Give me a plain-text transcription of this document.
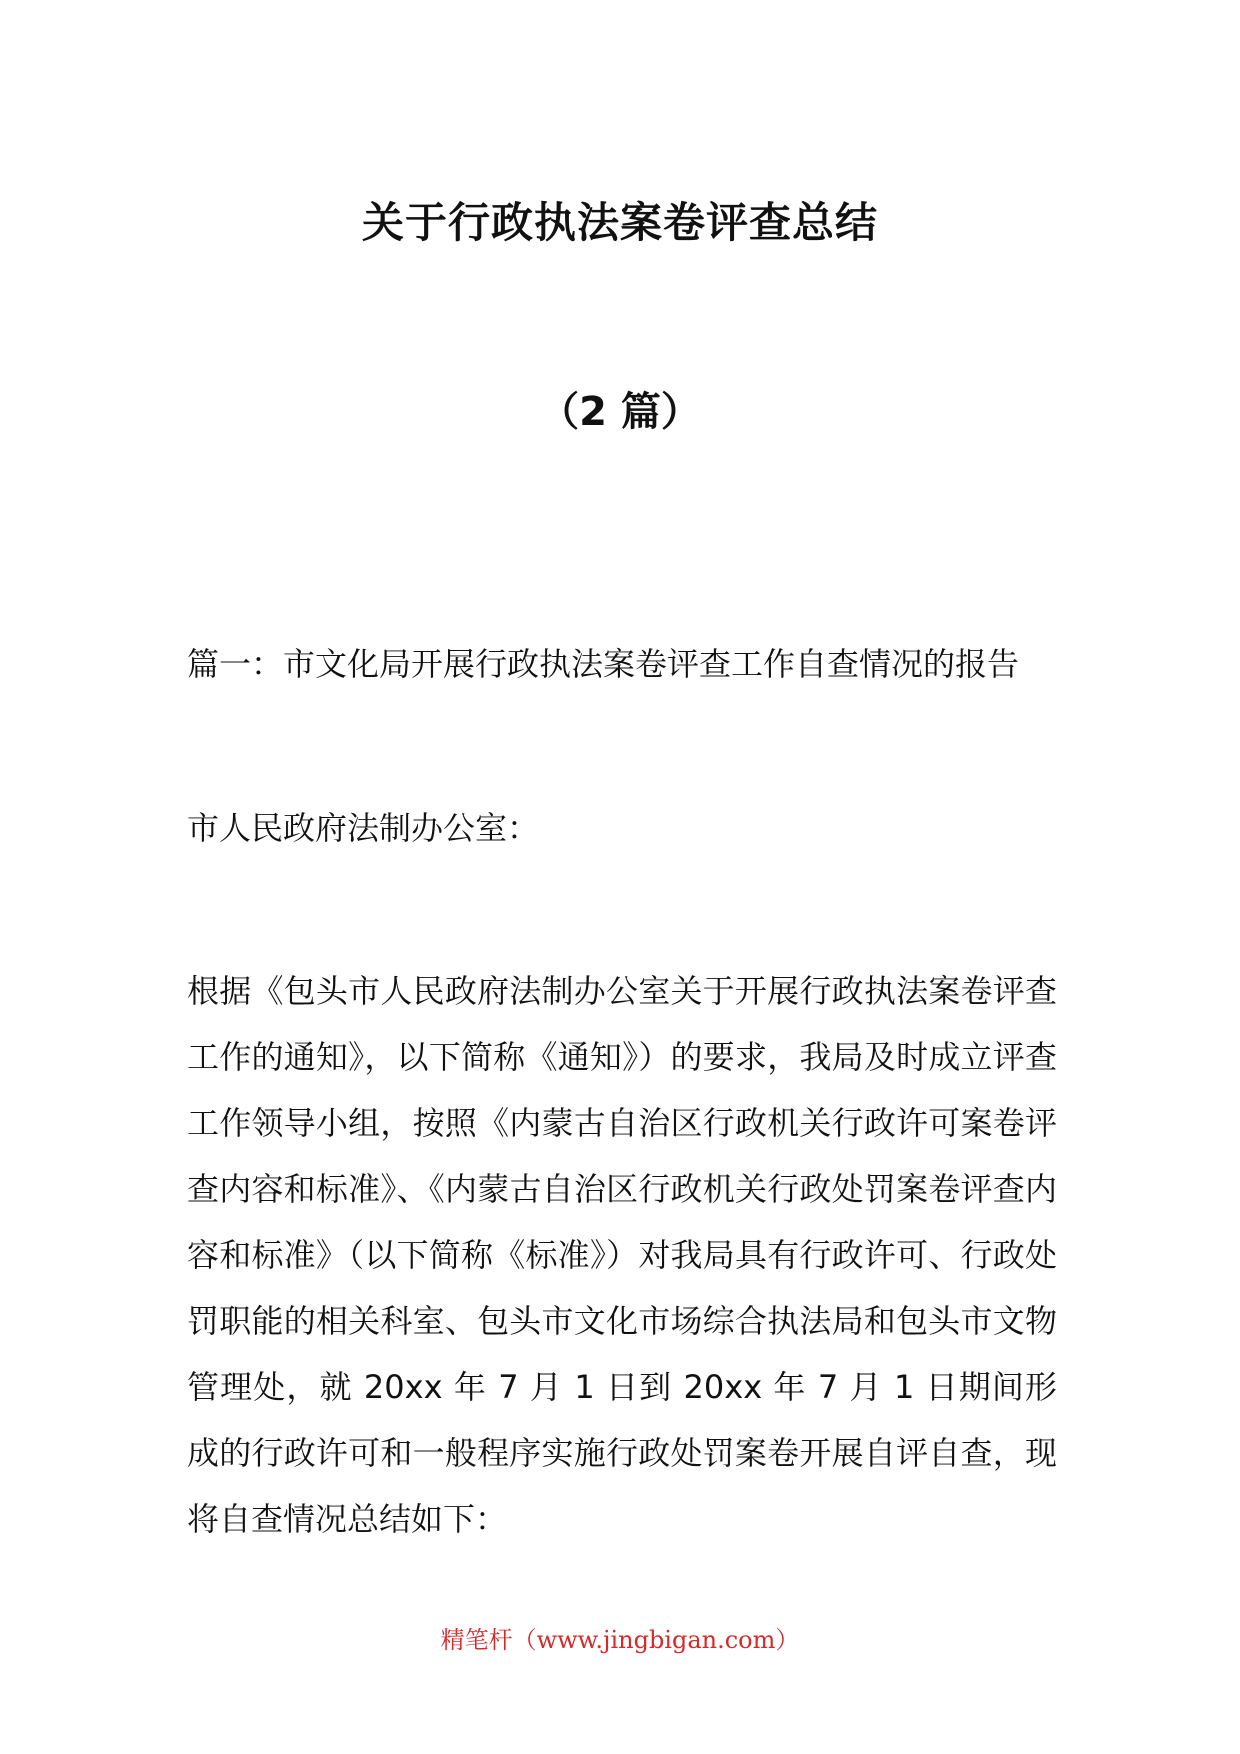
关于行政执法案卷评查总结
（2 篇）

篇一：市文化局开展行政执法案卷评查工作自查情况的报告

市人民政府法制办公室：

根据《包头市人民政府法制办公室关于开展行政执法案卷评查工作的通知》，以下简称《通知》）的要求，我局及时成立评查工作领导小组，按照《内蒙古自治区行政机关行政许可案卷评查内容和标准》、《内蒙古自治区行政机关行政处罚案卷评查内容和标准》（以下简称《标准》）对我局具有行政许可、行政处罚职能的相关科室、包头市文化市场综合执法局和包头市文物管理处，就 20xx 年 7 月 1 日到 20xx 年 7 月 1 日期间形成的行政许可和一般程序实施行政处罚案卷开展自评自查，现将自查情况总结如下：

精笔杆（www.jingbigan.com）
